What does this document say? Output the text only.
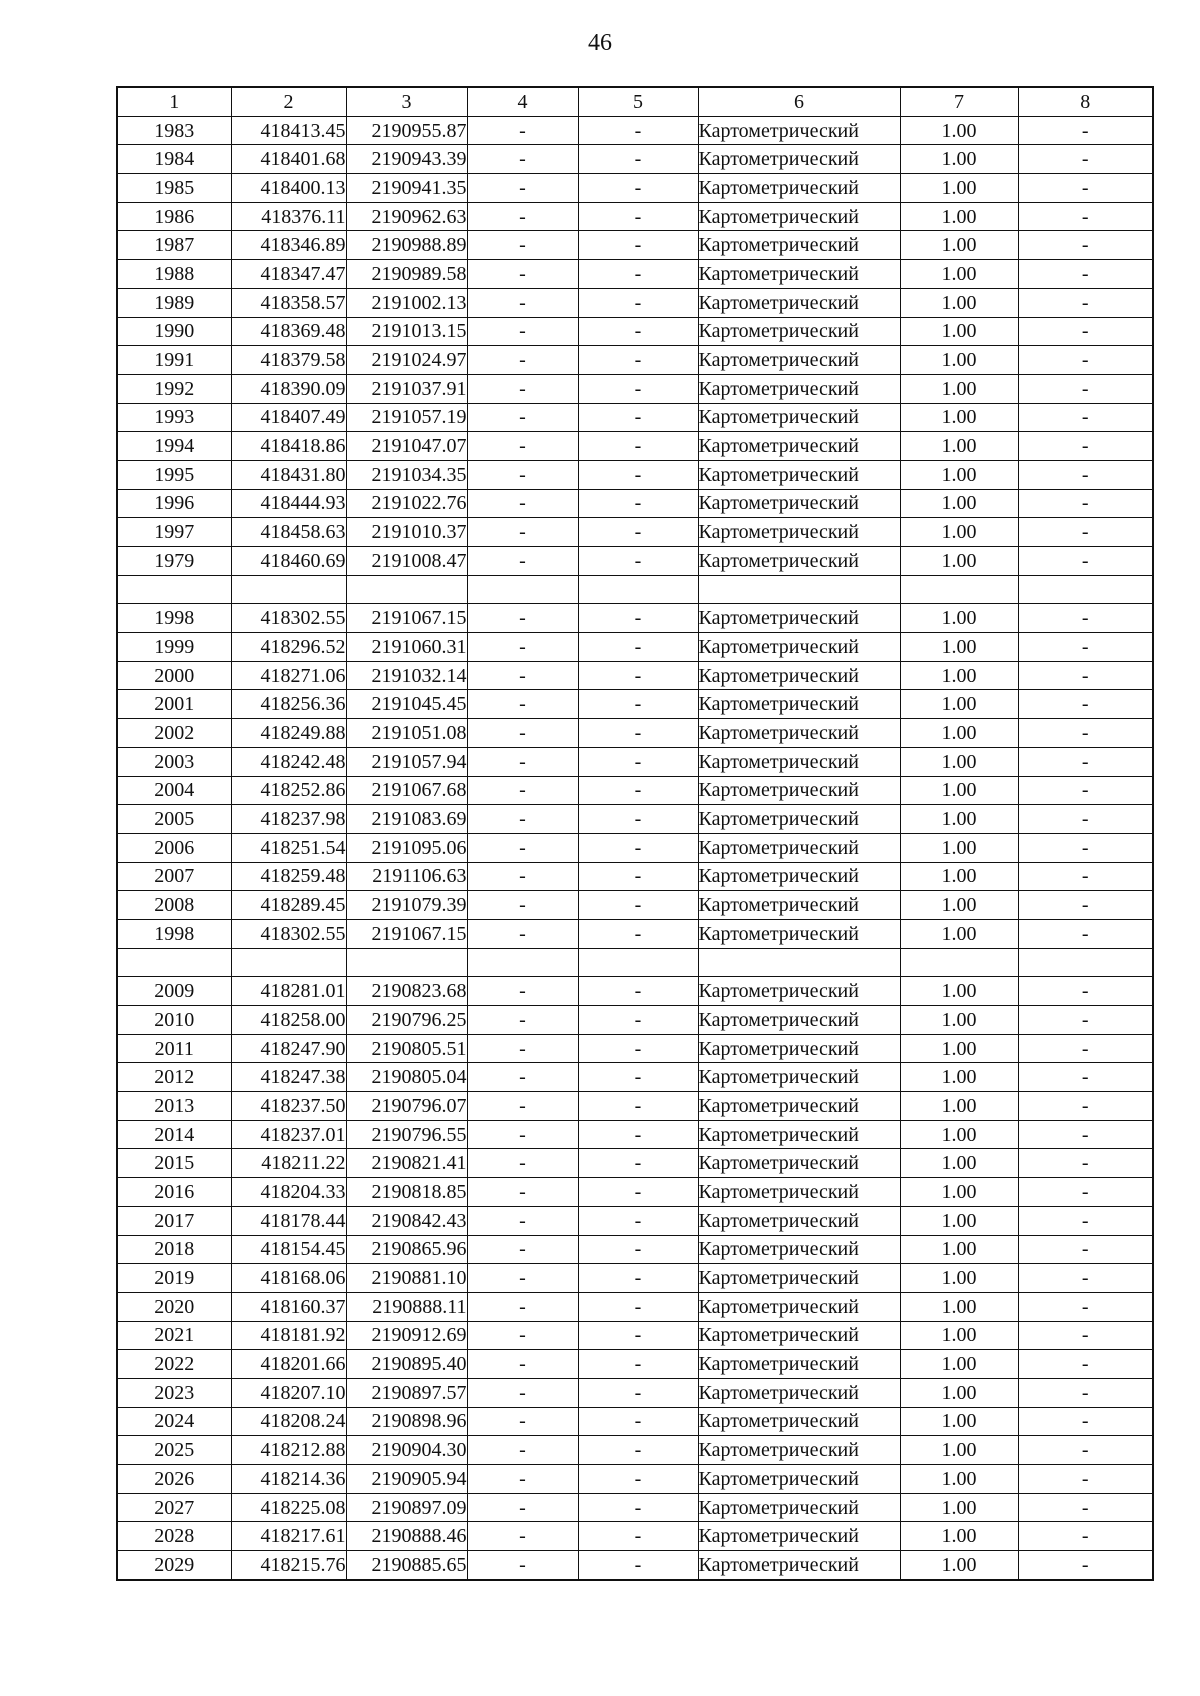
46
1	2	3	4	5	6	7	8
1983	418413.45	2190955.87	-	-	Картометрический	1.00	-
1984	418401.68	2190943.39	-	-	Картометрический	1.00	-
1985	418400.13	2190941.35	-	-	Картометрический	1.00	-
1986	418376.11	2190962.63	-	-	Картометрический	1.00	-
1987	418346.89	2190988.89	-	-	Картометрический	1.00	-
1988	418347.47	2190989.58	-	-	Картометрический	1.00	-
1989	418358.57	2191002.13	-	-	Картометрический	1.00	-
1990	418369.48	2191013.15	-	-	Картометрический	1.00	-
1991	418379.58	2191024.97	-	-	Картометрический	1.00	-
1992	418390.09	2191037.91	-	-	Картометрический	1.00	-
1993	418407.49	2191057.19	-	-	Картометрический	1.00	-
1994	418418.86	2191047.07	-	-	Картометрический	1.00	-
1995	418431.80	2191034.35	-	-	Картометрический	1.00	-
1996	418444.93	2191022.76	-	-	Картометрический	1.00	-
1997	418458.63	2191010.37	-	-	Картометрический	1.00	-
1979	418460.69	2191008.47	-	-	Картометрический	1.00	-

1998	418302.55	2191067.15	-	-	Картометрический	1.00	-
1999	418296.52	2191060.31	-	-	Картометрический	1.00	-
2000	418271.06	2191032.14	-	-	Картометрический	1.00	-
2001	418256.36	2191045.45	-	-	Картометрический	1.00	-
2002	418249.88	2191051.08	-	-	Картометрический	1.00	-
2003	418242.48	2191057.94	-	-	Картометрический	1.00	-
2004	418252.86	2191067.68	-	-	Картометрический	1.00	-
2005	418237.98	2191083.69	-	-	Картометрический	1.00	-
2006	418251.54	2191095.06	-	-	Картометрический	1.00	-
2007	418259.48	2191106.63	-	-	Картометрический	1.00	-
2008	418289.45	2191079.39	-	-	Картометрический	1.00	-
1998	418302.55	2191067.15	-	-	Картометрический	1.00	-

2009	418281.01	2190823.68	-	-	Картометрический	1.00	-
2010	418258.00	2190796.25	-	-	Картометрический	1.00	-
2011	418247.90	2190805.51	-	-	Картометрический	1.00	-
2012	418247.38	2190805.04	-	-	Картометрический	1.00	-
2013	418237.50	2190796.07	-	-	Картометрический	1.00	-
2014	418237.01	2190796.55	-	-	Картометрический	1.00	-
2015	418211.22	2190821.41	-	-	Картометрический	1.00	-
2016	418204.33	2190818.85	-	-	Картометрический	1.00	-
2017	418178.44	2190842.43	-	-	Картометрический	1.00	-
2018	418154.45	2190865.96	-	-	Картометрический	1.00	-
2019	418168.06	2190881.10	-	-	Картометрический	1.00	-
2020	418160.37	2190888.11	-	-	Картометрический	1.00	-
2021	418181.92	2190912.69	-	-	Картометрический	1.00	-
2022	418201.66	2190895.40	-	-	Картометрический	1.00	-
2023	418207.10	2190897.57	-	-	Картометрический	1.00	-
2024	418208.24	2190898.96	-	-	Картометрический	1.00	-
2025	418212.88	2190904.30	-	-	Картометрический	1.00	-
2026	418214.36	2190905.94	-	-	Картометрический	1.00	-
2027	418225.08	2190897.09	-	-	Картометрический	1.00	-
2028	418217.61	2190888.46	-	-	Картометрический	1.00	-
2029	418215.76	2190885.65	-	-	Картометрический	1.00	-
